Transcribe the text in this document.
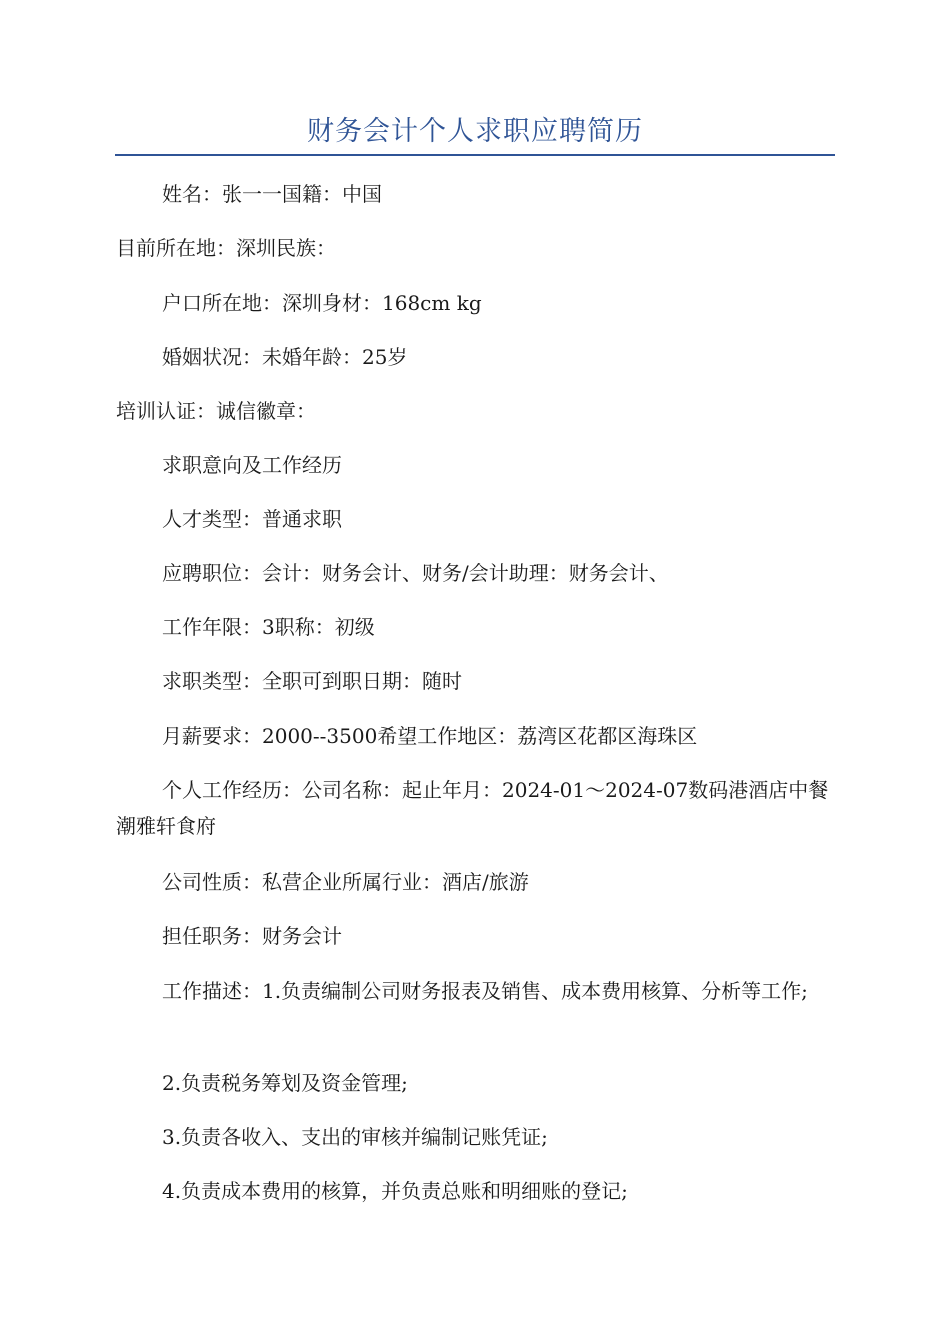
财务会计个人求职应聘简历

姓名：张一一国籍：中国

目前所在地：深圳民族：

户口所在地：深圳身材：168cm kg

婚姻状况：未婚年龄：25岁

培训认证：诚信徽章：

求职意向及工作经历

人才类型：普通求职

应聘职位：会计：财务会计、财务/会计助理：财务会计、

工作年限：3职称：初级

求职类型：全职可到职日期：随时

月薪要求：2000--3500希望工作地区：荔湾区花都区海珠区

个人工作经历：公司名称：起止年月：2024-01～2024-07数码港酒店中餐潮雅轩食府

公司性质：私营企业所属行业：酒店/旅游

担任职务：财务会计

工作描述：1.负责编制公司财务报表及销售、成本费用核算、分析等工作;

2.负责税务筹划及资金管理;

3.负责各收入、支出的审核并编制记账凭证;

4.负责成本费用的核算，并负责总账和明细账的登记;
